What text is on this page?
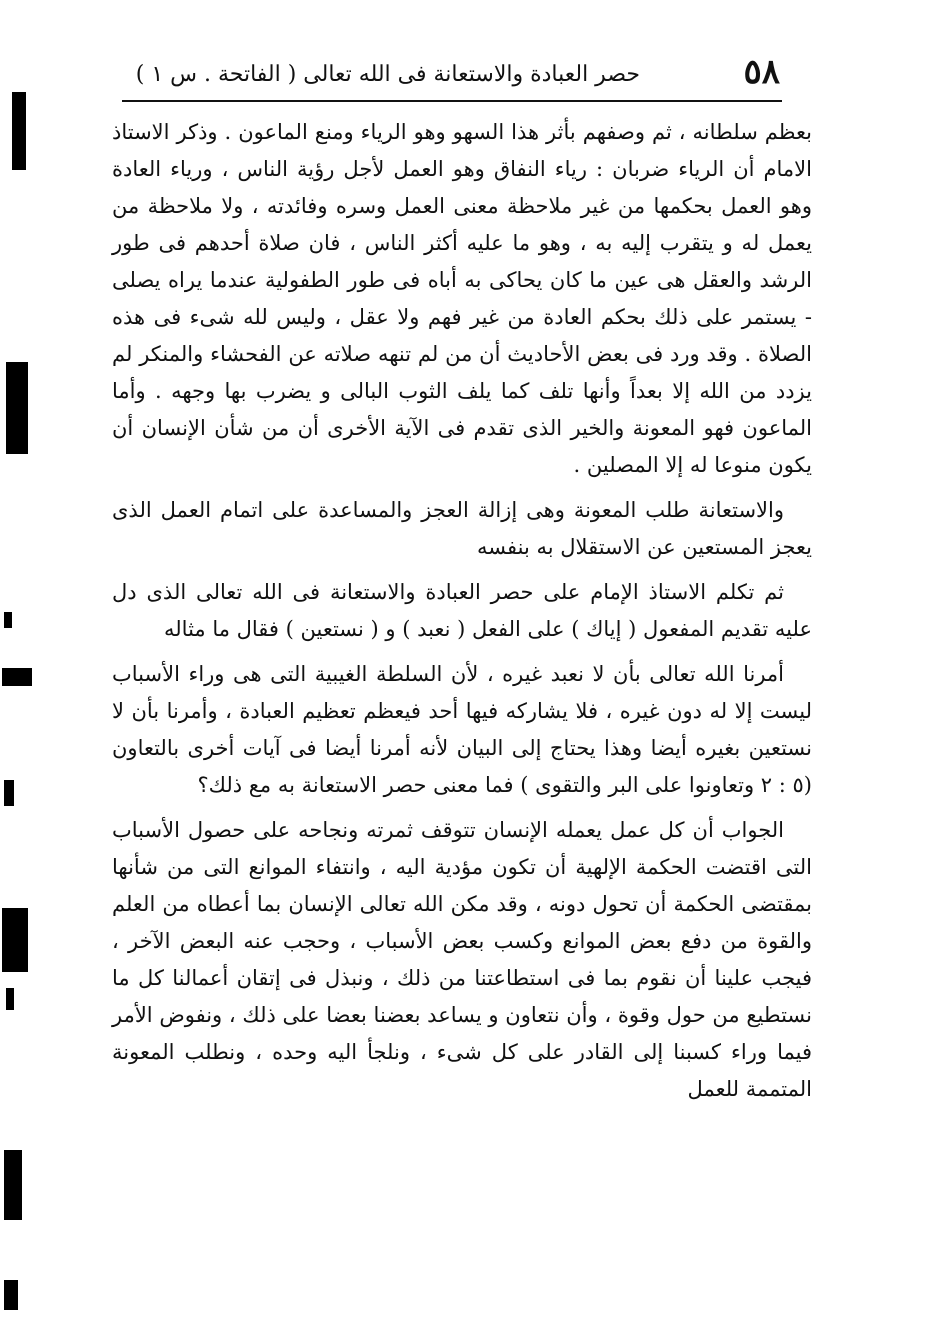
٥٨
حصر العبادة والاستعانة فى الله تعالى ( الفاتحة . س ١ )

بعظم سلطانه ، ثم وصفهم بأثر هذا السهو وهو الرياء ومنع الماعون . وذكر الاستاذ الامام أن الرياء ضربان : رياء النفاق وهو العمل لأجل رؤية الناس ، ورياء العادة وهو العمل بحكمها من غير ملاحظة معنى العمل وسره وفائدته ، ولا ملاحظة من يعمل له و يتقرب إليه به ، وهو ما عليه أكثر الناس ، فان صلاة أحدهم فى طور الرشد والعقل هى عين ما كان يحاكى به أباه فى طور الطفولية عندما يراه يصلى - يستمر على ذلك بحكم العادة من غير فهم ولا عقل ، وليس لله شىء فى هذه الصلاة . وقد ورد فى بعض الأحاديث أن من لم تنهه صلاته عن الفحشاء والمنكر لم يزدد من الله إلا بعداً وأنها تلف كما يلف الثوب البالى و يضرب بها وجهه . وأما الماعون فهو المعونة والخير الذى تقدم فى الآية الأخرى أن من شأن الإنسان أن يكون منوعا له إلا المصلين .

والاستعانة طلب المعونة وهى إزالة العجز والمساعدة على اتمام العمل الذى يعجز المستعين عن الاستقلال به بنفسه

ثم تكلم الاستاذ الإمام على حصر العبادة والاستعانة فى الله تعالى الذى دل عليه تقديم المفعول ( إياك ) على الفعل ( نعبد ) و ( نستعين ) فقال ما مثاله

أمرنا الله تعالى بأن لا نعبد غيره ، لأن السلطة الغيبية التى هى وراء الأسباب ليست إلا له دون غيره ، فلا يشاركه فيها أحد فيعظم تعظيم العبادة ، وأمرنا بأن لا نستعين بغيره أيضا وهذا يحتاج إلى البيان لأنه أمرنا أيضا فى آيات أخرى بالتعاون (٥ : ٢ وتعاونوا على البر والتقوى ) فما معنى حصر الاستعانة به مع ذلك؟

الجواب أن كل عمل يعمله الإنسان تتوقف ثمرته ونجاحه على حصول الأسباب التى اقتضت الحكمة الإلهية أن تكون مؤدية اليه ، وانتفاء الموانع التى من شأنها بمقتضى الحكمة أن تحول دونه ، وقد مكن الله تعالى الإنسان بما أعطاه من العلم والقوة من دفع بعض الموانع وكسب بعض الأسباب ، وحجب عنه البعض الآخر ، فيجب علينا أن نقوم بما فى استطاعتنا من ذلك ، ونبذل فى إتقان أعمالنا كل ما نستطيع من حول وقوة ، وأن نتعاون و يساعد بعضنا بعضا على ذلك ، ونفوض الأمر فيما وراء كسبنا إلى القادر على كل شىء ، ونلجأ اليه وحده ، ونطلب المعونة المتممة للعمل
